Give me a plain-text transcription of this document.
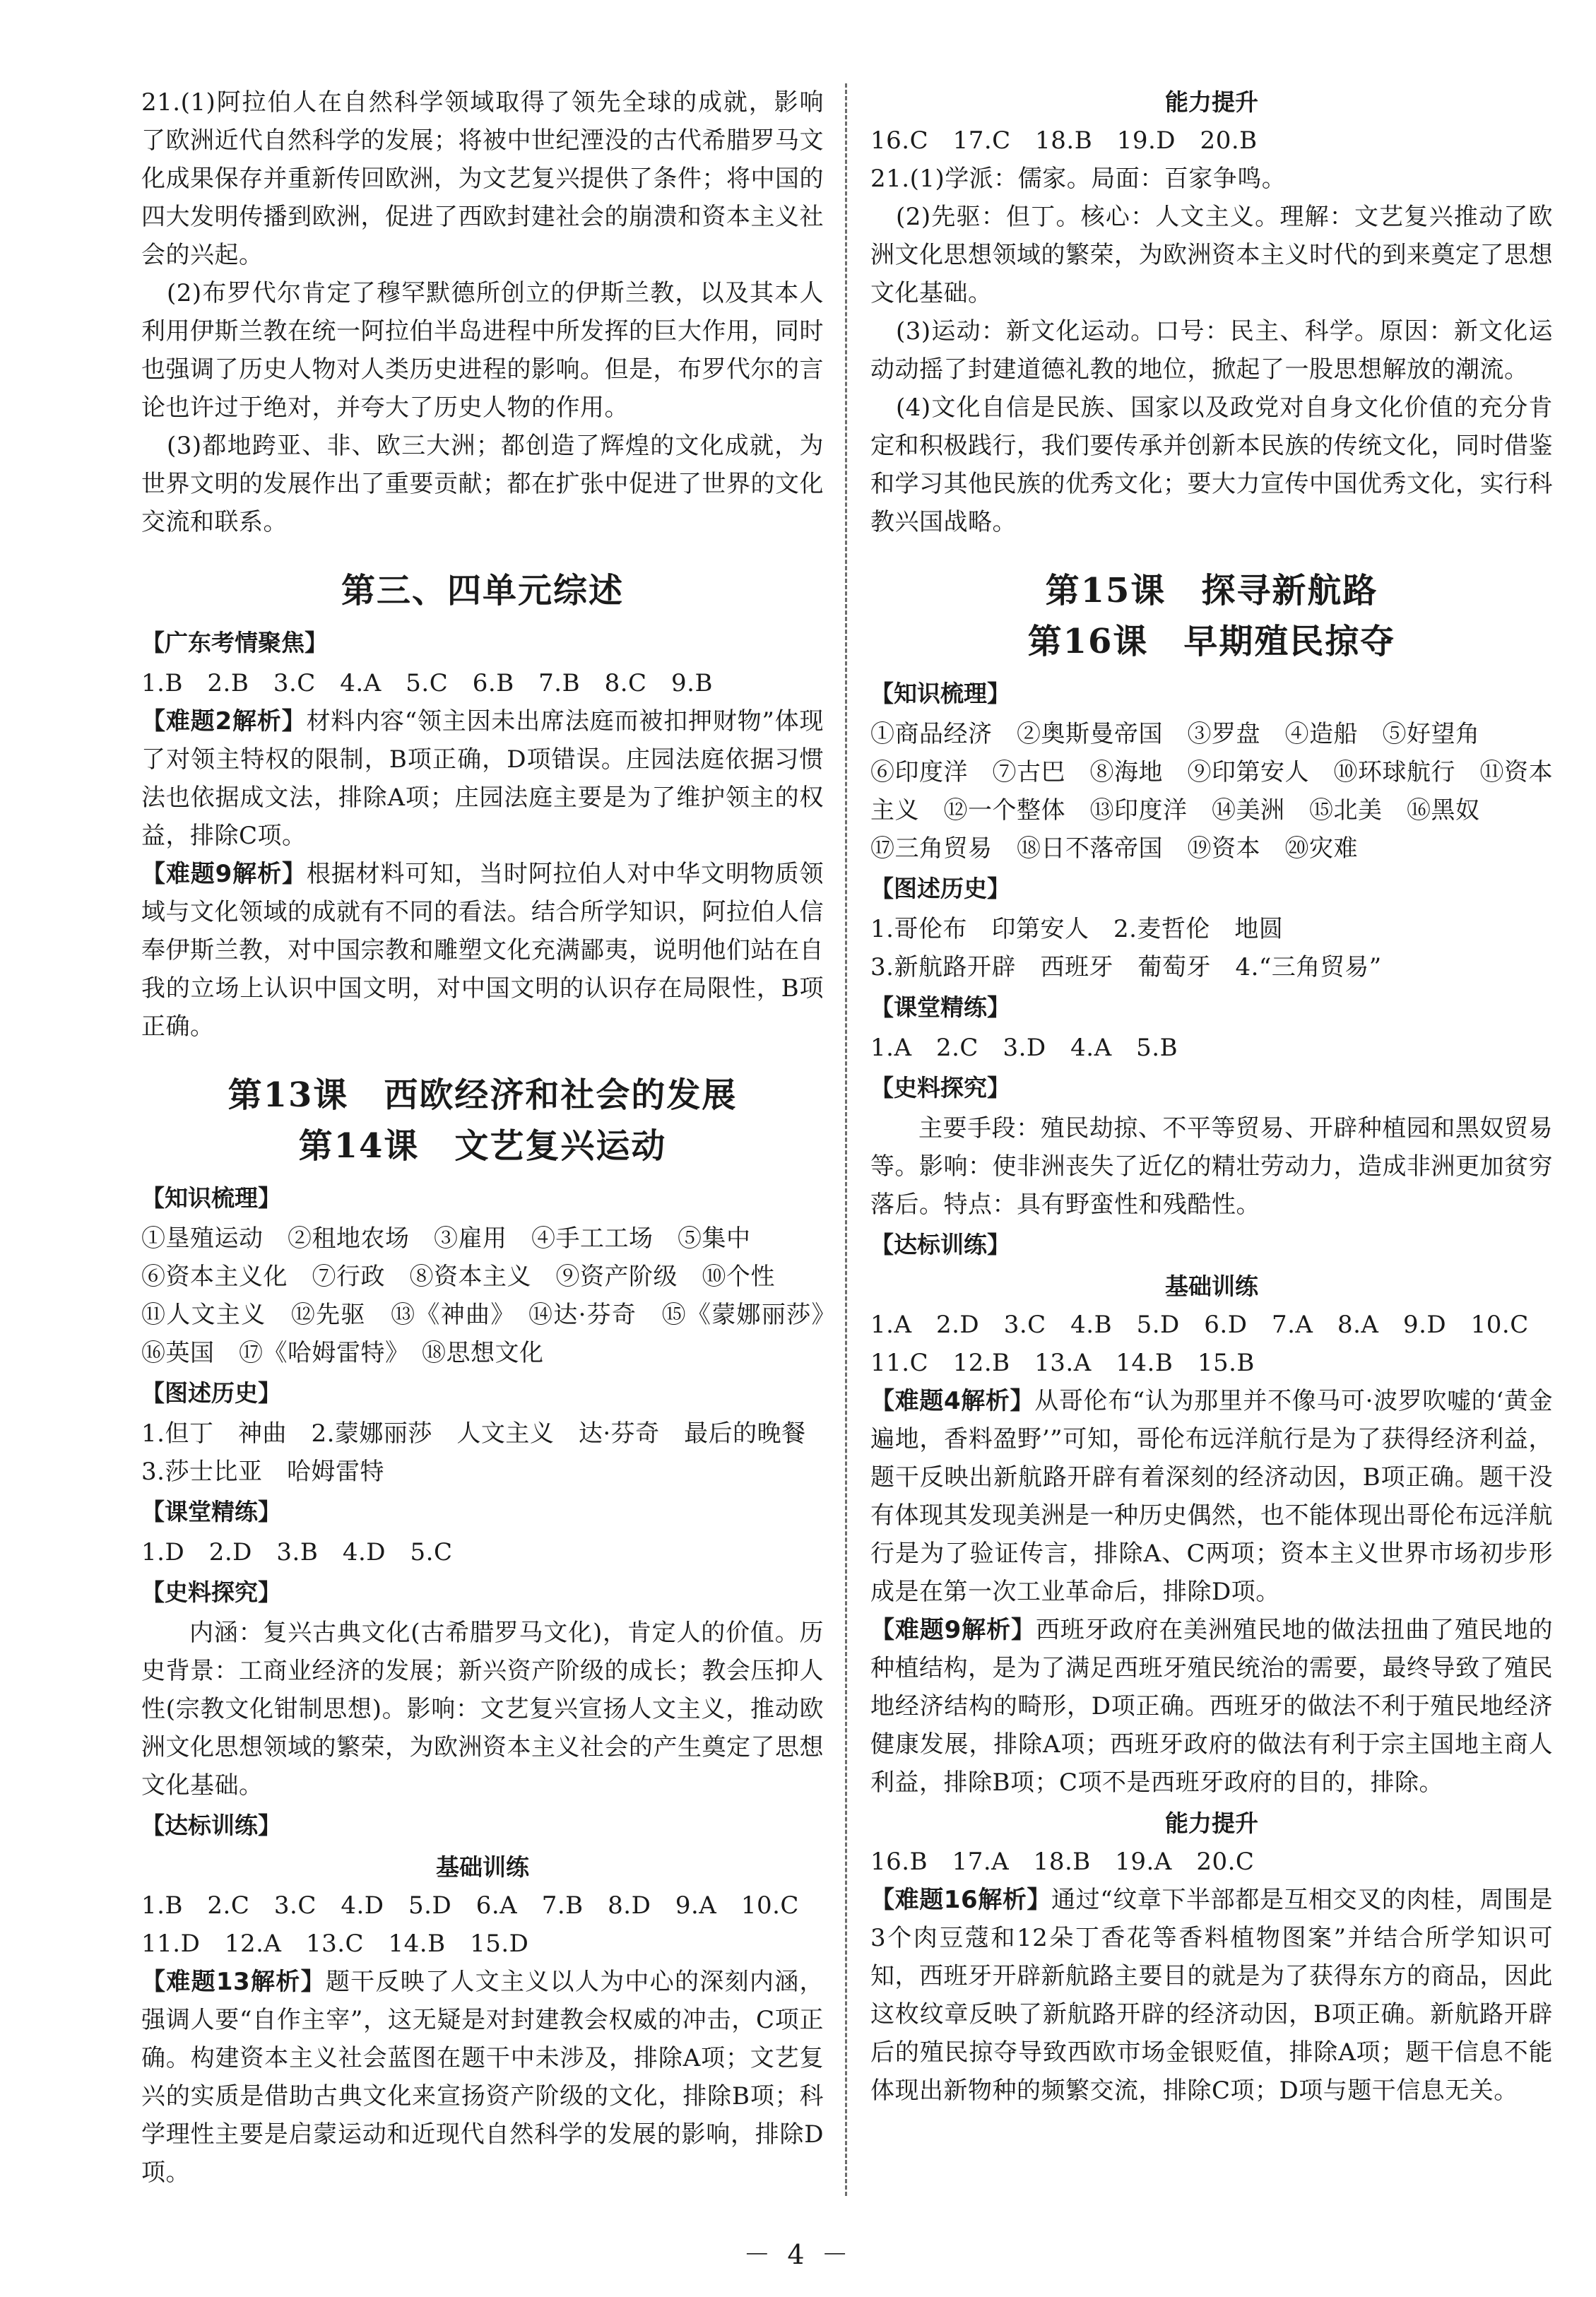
21.(1)阿拉伯人在自然科学领域取得了领先全球的成就，影响了欧洲近代自然科学的发展；将被中世纪湮没的古代希腊罗马文化成果保存并重新传回欧洲，为文艺复兴提供了条件；将中国的四大发明传播到欧洲，促进了西欧封建社会的崩溃和资本主义社会的兴起。

(2)布罗代尔肯定了穆罕默德所创立的伊斯兰教，以及其本人利用伊斯兰教在统一阿拉伯半岛进程中所发挥的巨大作用，同时也强调了历史人物对人类历史进程的影响。但是，布罗代尔的言论也许过于绝对，并夸大了历史人物的作用。

(3)都地跨亚、非、欧三大洲；都创造了辉煌的文化成就，为世界文明的发展作出了重要贡献；都在扩张中促进了世界的文化交流和联系。

第三、四单元综述
【广东考情聚焦】

1.B　2.B　3.C　4.A　5.C　6.B　7.B　8.C　9.B

【难题2解析】材料内容“领主因未出席法庭而被扣押财物”体现了对领主特权的限制，B项正确，D项错误。庄园法庭依据习惯法也依据成文法，排除A项；庄园法庭主要是为了维护领主的权益，排除C项。

【难题9解析】根据材料可知，当时阿拉伯人对中华文明物质领域与文化领域的成就有不同的看法。结合所学知识，阿拉伯人信奉伊斯兰教，对中国宗教和雕塑文化充满鄙夷，说明他们站在自我的立场上认识中国文明，对中国文明的认识存在局限性，B项正确。

第13课　西欧经济和社会的发展
第14课　文艺复兴运动
【知识梳理】

①垦殖运动　②租地农场　③雇用　④手工工场　⑤集中

⑥资本主义化　⑦行政　⑧资本主义　⑨资产阶级　⑩个性

⑪人文主义　⑫先驱　⑬《神曲》　⑭达·芬奇　⑮《蒙娜丽莎》　⑯英国　⑰《哈姆雷特》　⑱思想文化

【图述历史】

1.但丁　神曲　2.蒙娜丽莎　人文主义　达·芬奇　最后的晚餐

3.莎士比亚　哈姆雷特

【课堂精练】

1.D　2.D　3.B　4.D　5.C

【史料探究】

内涵：复兴古典文化(古希腊罗马文化)，肯定人的价值。历史背景：工商业经济的发展；新兴资产阶级的成长；教会压抑人性(宗教文化钳制思想)。影响：文艺复兴宣扬人文主义，推动欧洲文化思想领域的繁荣，为欧洲资本主义社会的产生奠定了思想文化基础。

【达标训练】
基础训练

1.B　2.C　3.C　4.D　5.D　6.A　7.B　8.D　9.A　10.C

11.D　12.A　13.C　14.B　15.D

【难题13解析】题干反映了人文主义以人为中心的深刻内涵，强调人要“自作主宰”，这无疑是对封建教会权威的冲击，C项正确。构建资本主义社会蓝图在题干中未涉及，排除A项；文艺复兴的实质是借助古典文化来宣扬资产阶级的文化，排除B项；科学理性主要是启蒙运动和近现代自然科学的发展的影响，排除D项。

能力提升

16.C　17.C　18.B　19.D　20.B

21.(1)学派：儒家。局面：百家争鸣。

(2)先驱：但丁。核心：人文主义。理解：文艺复兴推动了欧洲文化思想领域的繁荣，为欧洲资本主义时代的到来奠定了思想文化基础。

(3)运动：新文化运动。口号：民主、科学。原因：新文化运动动摇了封建道德礼教的地位，掀起了一股思想解放的潮流。

(4)文化自信是民族、国家以及政党对自身文化价值的充分肯定和积极践行，我们要传承并创新本民族的传统文化，同时借鉴和学习其他民族的优秀文化；要大力宣传中国优秀文化，实行科教兴国战略。

第15课　探寻新航路
第16课　早期殖民掠夺
【知识梳理】

①商品经济　②奥斯曼帝国　③罗盘　④造船　⑤好望角

⑥印度洋　⑦古巴　⑧海地　⑨印第安人　⑩环球航行　⑪资本主义　⑫一个整体　⑬印度洋　⑭美洲　⑮北美　⑯黑奴

⑰三角贸易　⑱日不落帝国　⑲资本　⑳灾难

【图述历史】

1.哥伦布　印第安人　2.麦哲伦　地圆

3.新航路开辟　西班牙　葡萄牙　4.“三角贸易”

【课堂精练】

1.A　2.C　3.D　4.A　5.B

【史料探究】

主要手段：殖民劫掠、不平等贸易、开辟种植园和黑奴贸易等。影响：使非洲丧失了近亿的精壮劳动力，造成非洲更加贫穷落后。特点：具有野蛮性和残酷性。

【达标训练】
基础训练

1.A　2.D　3.C　4.B　5.D　6.D　7.A　8.A　9.D　10.C

11.C　12.B　13.A　14.B　15.B

【难题4解析】从哥伦布“认为那里并不像马可·波罗吹嘘的‘黄金遍地，香料盈野’”可知，哥伦布远洋航行是为了获得经济利益，题干反映出新航路开辟有着深刻的经济动因，B项正确。题干没有体现其发现美洲是一种历史偶然，也不能体现出哥伦布远洋航行是为了验证传言，排除A、C两项；资本主义世界市场初步形成是在第一次工业革命后，排除D项。

【难题9解析】西班牙政府在美洲殖民地的做法扭曲了殖民地的种植结构，是为了满足西班牙殖民统治的需要，最终导致了殖民地经济结构的畸形，D项正确。西班牙的做法不利于殖民地经济健康发展，排除A项；西班牙政府的做法有利于宗主国地主商人利益，排除B项；C项不是西班牙政府的目的，排除。

能力提升

16.B　17.A　18.B　19.A　20.C

【难题16解析】通过“纹章下半部都是互相交叉的肉桂，周围是3个肉豆蔻和12朵丁香花等香料植物图案”并结合所学知识可知，西班牙开辟新航路主要目的就是为了获得东方的商品，因此这枚纹章反映了新航路开辟的经济动因，B项正确。新航路开辟后的殖民掠夺导致西欧市场金银贬值，排除A项；题干信息不能体现出新物种的频繁交流，排除C项；D项与题干信息无关。

－ 4 －
